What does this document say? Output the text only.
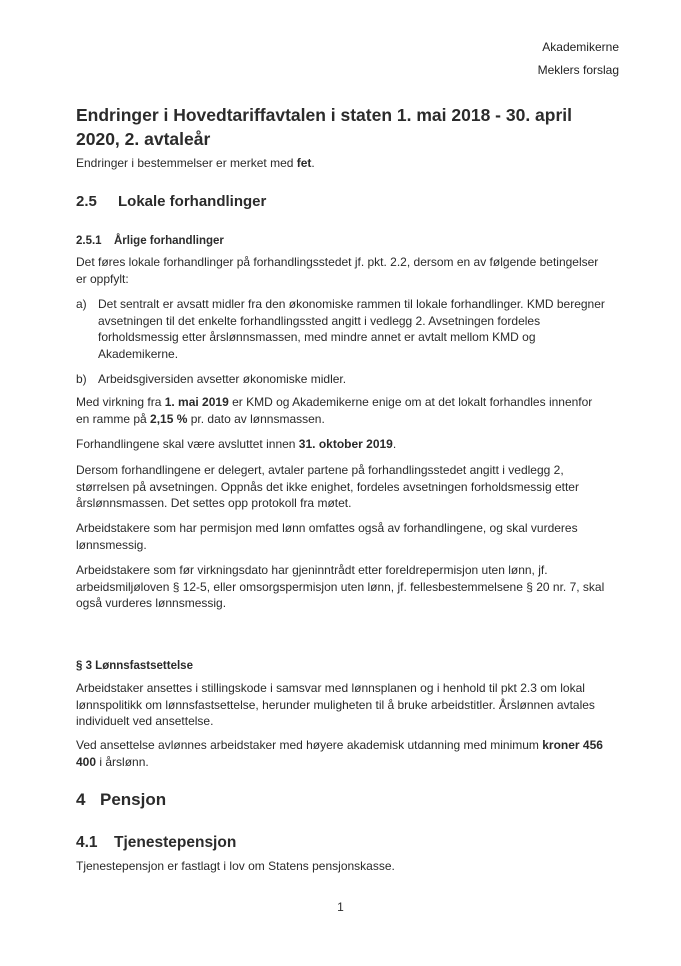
Akademikerne
Meklers forslag
Endringer i Hovedtariffavtalen i staten 1. mai 2018 - 30. april 2020, 2. avtaleår
Endringer i bestemmelser er merket med fet.
2.5 Lokale forhandlinger
2.5.1 Årlige forhandlinger
Det føres lokale forhandlinger på forhandlingsstedet jf. pkt. 2.2, dersom en av følgende betingelser er oppfylt:
a) Det sentralt er avsatt midler fra den økonomiske rammen til lokale forhandlinger. KMD beregner avsetningen til det enkelte forhandlingssted angitt i vedlegg 2. Avsetningen fordeles forholdsmessig etter årslønnsmassen, med mindre annet er avtalt mellom KMD og Akademikerne.
b) Arbeidsgiversiden avsetter økonomiske midler.
Med virkning fra 1. mai 2019 er KMD og Akademikerne enige om at det lokalt forhandles innenfor en ramme på 2,15 % pr. dato av lønnsmassen.
Forhandlingene skal være avsluttet innen 31. oktober 2019.
Dersom forhandlingene er delegert, avtaler partene på forhandlingsstedet angitt i vedlegg 2, størrelsen på avsetningen. Oppnås det ikke enighet, fordeles avsetningen forholdsmessig etter årslønnsmassen. Det settes opp protokoll fra møtet.
Arbeidstakere som har permisjon med lønn omfattes også av forhandlingene, og skal vurderes lønnsmessig.
Arbeidstakere som før virkningsdato har gjeninntrådt etter foreldrepermisjon uten lønn, jf. arbeidsmiljøloven § 12-5, eller omsorgspermisjon uten lønn, jf. fellesbestemmelsene § 20 nr. 7, skal også vurderes lønnsmessig.
§ 3 Lønnsfastsettelse
Arbeidstaker ansettes i stillingskode i samsvar med lønnsplanen og i henhold til pkt 2.3 om lokal lønnspolitikk om lønnsfastsettelse, herunder muligheten til å bruke arbeidstitler. Årslønnen avtales individuelt ved ansettelse.
Ved ansettelse avlønnes arbeidstaker med høyere akademisk utdanning med minimum kroner 456 400 i årslønn.
4 Pensjon
4.1 Tjenestepensjon
Tjenestepensjon er fastlagt i lov om Statens pensjonskasse.
1
